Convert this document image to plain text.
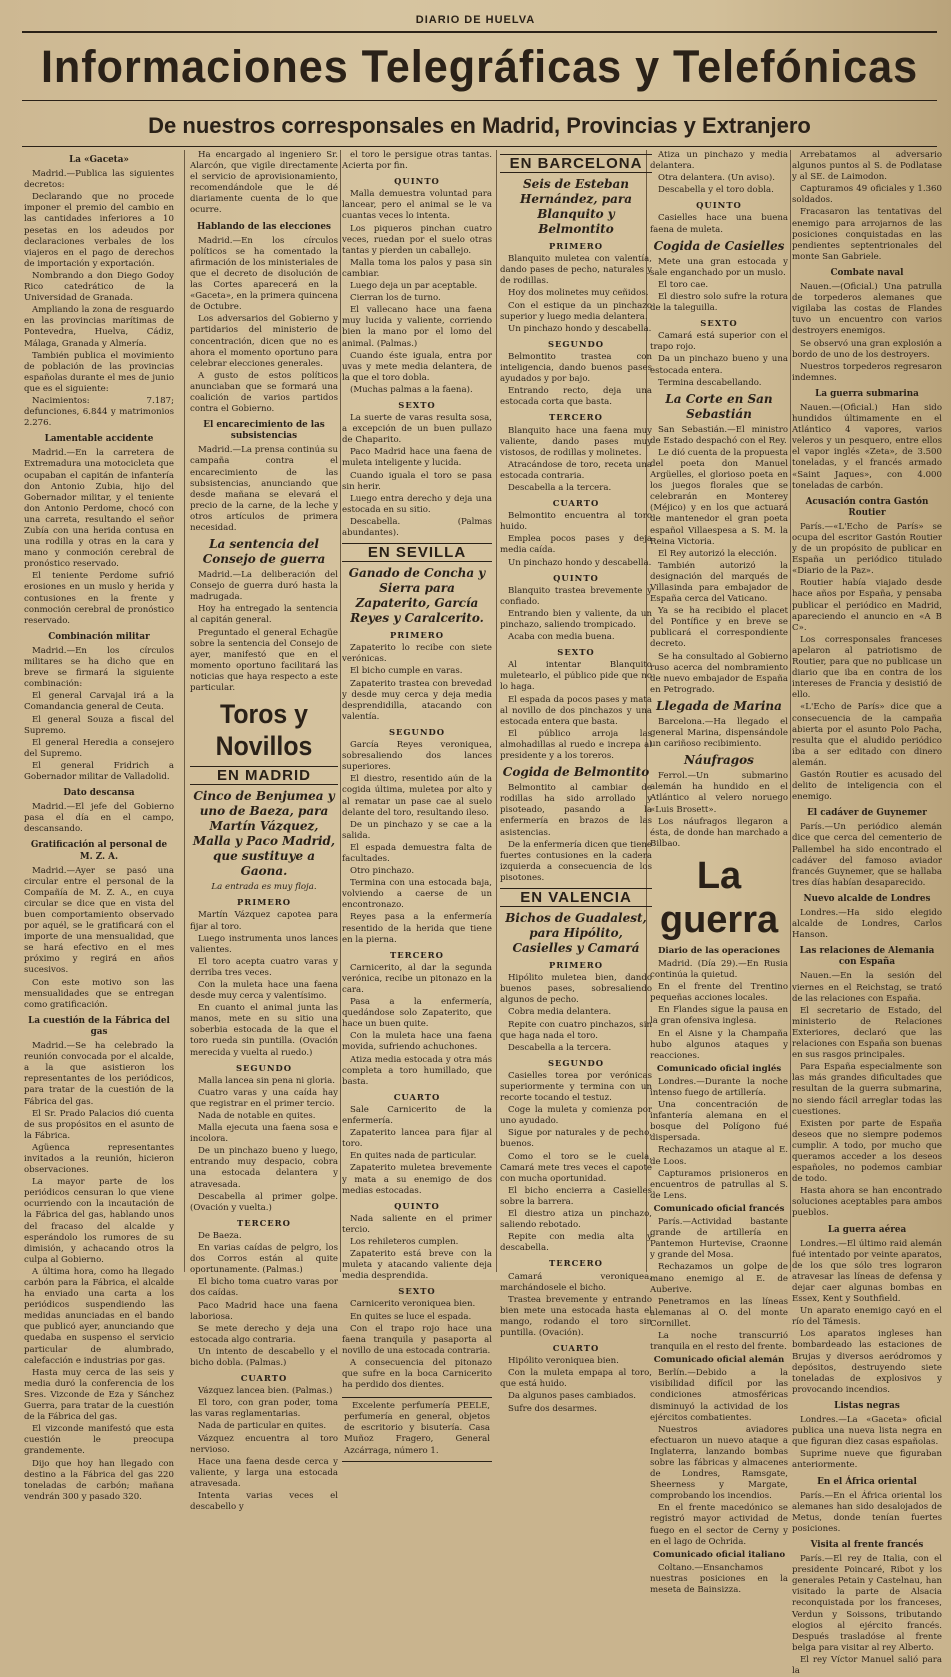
DIARIO DE HUELVA
Informaciones Telegráficas y Telefónicas
De nuestros corresponsales en Madrid, Provincias y Extranjero
La «Gaceta»

Madrid.—Publica las siguientes decretos:

Declarando que no procede imponer el premio del cambio en las cantidades inferiores a 10 pesetas en los adeudos por declaraciones verbales de los viajeros en el pago de derechos de importación y exportación.

Nombrando a don Diego Godoy Rico catedrático de la Universidad de Granada.

Ampliando la zona de resguardo en las provincias marítimas de Pontevedra, Huelva, Cádiz, Málaga, Granada y Almería.

También publica el movimiento de población de las provincias españolas durante el mes de junio que es el siguiente:

Nacimientos: 7.187; defunciones, 6.844 y matrimonios 2.276.

Lamentable accidente

Madrid.—En la carretera de Extremadura una motocicleta que ocupaban el capitán de infantería don Antonio Zubia, hijo del Gobernador militar, y el teniente don Antonio Perdome, chocó con una carreta, resultando el señor Zubía con una herida contusa en una rodilla y otras en la cara y mano y conmoción cerebral de pronóstico reservado.

El teniente Perdome sufrió erosiones en un muslo y herida y contusiones en la frente y conmoción cerebral de pronóstico reservado.

Combinación militar

Madrid.—En los círculos militares se ha dicho que en breve se firmará la siguiente combinación:

El general Carvajal irá a la Comandancia general de Ceuta.

El general Souza a fiscal del Supremo.

El general Heredia a consejero del Supremo.

El general Fridrich a Gobernador militar de Valladolid.

Dato descansa

Madrid.—El jefe del Gobierno pasa el día en el campo, descansando.

Gratificación al personal de M. Z. A.

Madrid.—Ayer se pasó una circular entre el personal de la Compañía de M. Z. A., en cuya circular se dice que en vista del buen comportamiento observado por aquél, se le gratificará con el importe de una mensualidad, que se hará efectivo en el mes próximo y regirá en años sucesivos.

Con este motivo son las mensualidades que se entregan como gratificación.

La cuestión de la Fábrica del gas

Madrid.—Se ha celebrado la reunión convocada por el alcalde, a la que asistieron los representantes de los periódicos, para tratar de la cuestión de la Fábrica del gas.

El Sr. Prado Palacios dió cuenta de sus propósitos en el asunto de la Fábrica.

Agüenca representantes invitados a la reunión, hicieron observaciones.

La mayor parte de los periódicos censuran lo que viene ocurriendo con la incautación de la Fábrica del gas, hablando unos del fracaso del alcalde y esperándolo los rumores de su dimisión, y achacando otros la culpa al Gobierno.

A última hora, como ha llegado carbón para la Fábrica, el alcalde ha enviado una carta a los periódicos suspendiendo las medidas anunciadas en el bando que publicó ayer, anunciando que quedaba en suspenso el servicio particular de alumbrado, calefacción e industrias por gas.

Hasta muy cerca de las seis y media duró la conferencia de los Sres. Vizconde de Eza y Sánchez Guerra, para tratar de la cuestión de la Fábrica del gas.

El vizconde manifestó que esta cuestión le preocupa grandemente.

Dijo que hoy han llegado con destino a la Fábrica del gas 220 toneladas de carbón; mañana vendrán 300 y pasado 320.

Ha encargado al ingeniero Sr. Alarcón, que vigile directamente el servicio de aprovisionamiento, recomendándole que le dé diariamente cuenta de lo que ocurre.

Hablando de las elecciones

Madrid.—En los círculos políticos se ha comentado la afirmación de los ministeriales de que el decreto de disolución de las Cortes aparecerá en la «Gaceta», en la primera quincena de Octubre.

Los adversarios del Gobierno y partidarios del ministerio de concentración, dicen que no es ahora el momento oportuno para celebrar elecciones generales.

A gusto de estos políticos anunciaban que se formará una coalición de varios partidos contra el Gobierno.

El encarecimiento de las subsistencias

Madrid.—La prensa continúa su campaña contra el encarecimiento de las subsistencias, anunciando que desde mañana se elevará el precio de la carne, de la leche y otros artículos de primera necesidad.

La sentencia del Consejo de guerra

Madrid.—La deliberación del Consejo de guerra duró hasta la madrugada.

Hoy ha entregado la sentencia al capitán general.

Preguntado el general Echagüe sobre la sentencia del Consejo de ayer, manifestó que en el momento oportuno facilitará las noticias que haya respecto a este particular.

Toros y Novillos
EN MADRID
Cinco de Benjumea y uno de Baeza, para Martín Vázquez, Malla y Paco Madrid, que sustituye a Gaona.
La entrada es muy floja.
PRIMERO

Martín Vázquez capotea para fijar al toro.

Luego instrumenta unos lances valientes.

El toro acepta cuatro varas y derriba tres veces.

Con la muleta hace una faena desde muy cerca y valentísimo.

En cuanto el animal junta las manos, mete en su sitio una soberbia estocada de la que el toro rueda sin puntilla. (Ovación merecida y vuelta al ruedo.)

SEGUNDO

Malla lancea sin pena ni gloria.

Cuatro varas y una caída hay que registrar en el primer tercio.

Nada de notable en quites.

Malla ejecuta una faena sosa e incolora.

De un pinchazo bueno y luego, entrando muy despacio, cobra una estocada delantera y atravesada.

Descabella al primer golpe. (Ovación y vuelta.)

TERCERO

De Baeza.

En varias caídas de pelgro, los dos Corros están al quite oportunamente. (Palmas.)

El bicho toma cuatro varas por dos caídas.

Paco Madrid hace una faena laboriosa.

Se mete derecho y deja una estocada algo contraria.

Un intento de descabello y el bicho dobla. (Palmas.)

CUARTO

Vázquez lancea bien. (Palmas.)

El toro, con gran poder, toma las varas reglamentarias.

Nada de particular en quites.

Vázquez encuentra al toro nervioso.

Hace una faena desde cerca y valiente, y larga una estocada atravesada.

Intenta varias veces el descabello y

el toro le persigue otras tantas. Acierta por fin.

QUINTO

Malla demuestra voluntad para lancear, pero el animal se le va cuantas veces lo intenta.

Los piqueros pinchan cuatro veces, ruedan por el suelo otras tantas y pierden un caballejo.

Malla toma los palos y pasa sin cambiar.

Luego deja un par aceptable.

Cierran los de turno.

El vallecano hace una faena muy lucida y valiente, corriendo bien la mano por el lomo del animal. (Palmas.)

Cuando éste iguala, entra por uvas y mete media delantera, de la que el toro dobla.

(Muchas palmas a la faena).

SEXTO

La suerte de varas resulta sosa, a excepción de un buen pullazo de Chaparito.

Paco Madrid hace una faena de muleta inteligente y lucida.

Cuando iguala el toro se pasa sin herir.

Luego entra derecho y deja una estocada en su sitio.

Descabella. (Palmas abundantes).

EN SEVILLA
Ganado de Concha y Sierra para Zapaterito, García Reyes y Caralcerito.
PRIMERO

Zapaterito lo recibe con siete verónicas.

El bicho cumple en varas.

Zapaterito trastea con brevedad y desde muy cerca y deja media desprendidilla, atacando con valentía.

SEGUNDO

García Reyes veroniquea, sobresaliendo dos lances superiores.

El diestro, resentido aún de la cogida última, muletea por alto y al rematar un pase cae al suelo delante del toro, resultando ileso.

De un pinchazo y se cae a la salida.

El espada demuestra falta de facultades.

Otro pinchazo.

Termina con una estocada baja, volviendo a caerse de un encontronazo.

Reyes pasa a la enfermería resentido de la herida que tiene en la pierna.

TERCERO

Carnicerito, al dar la segunda verónica, recibe un pitonazo en la cara.

Pasa a la enfermería, quedándose solo Zapaterito, que hace un buen quite.

Con la muleta hace una faena movida, sufriendo achuchones.

Atiza media estocada y otra más completa a toro humillado, que basta.

CUARTO

Sale Carnicerito de la enfermería.

Zapaterito lancea para fijar al toro.

En quites nada de particular.

Zapaterito muletea brevemente y mata a su enemigo de dos medias estocadas.

QUINTO

Nada saliente en el primer tercio.

Los rehileteros cumplen.

Zapaterito está breve con la muleta y atacando valiente deja media desprendida.

SEXTO

Carnicerito veroniquea bien.

En quites se luce el espada.

Con el trapo rojo hace una faena tranquila y pasaporta al novillo de una estocada contraria.

A consecuencia del pitonazo que sufre en la boca Carnicerito ha perdido dos dientes.

Excelente perfumería PEELE, perfumería en general, objetos de escritorio y bisutería. Casa Muñoz Fragero, General Azcárraga, número 1.

EN BARCELONA
Seis de Esteban Hernández, para Blanquito y Belmontito
PRIMERO

Blanquito muletea con valentía, dando pases de pecho, naturales y de rodillas.

Hoy dos molinetes muy ceñidos.

Con el estique da un pinchazo superior y luego media delantera.

Un pinchazo hondo y descabella.

SEGUNDO

Belmontito trastea con inteligencia, dando buenos pases ayudados y por bajo.

Entrando recto, deja una estocada corta que basta.

TERCERO

Blanquito hace una faena muy valiente, dando pases muy vistosos, de rodillas y molinetes.

Atracándose de toro, receta una estocada contraria.

Descabella a la tercera.

CUARTO

Belmontito encuentra al toro huido.

Emplea pocos pases y deja media caída.

Un pinchazo hondo y descabella.

QUINTO

Blanquito trastea brevemente y confiado.

Entrando bien y valiente, da un pinchazo, saliendo trompicado.

Acaba con media buena.

SEXTO

Al intentar Blanquito muletearlo, el público pide que no lo haga.

El espada da pocos pases y mata al novillo de dos pinchazos y una estocada entera que basta.

El público arroja las almohadillas al ruedo e increpa al presidente y a los toreros.

Cogida de Belmontito

Belmontito al cambiar de rodillas ha sido arrollado y pisoteado, pasando a la enfermería en brazos de las asistencias.

De la enfermería dicen que tiene fuertes contusiones en la cadera izquierda a consecuencia de los pisotones.

EN VALENCIA
Bichos de Guadalest, para Hipólito, Casielles y Camará
PRIMERO

Hipólito muletea bien, dando buenos pases, sobresaliendo algunos de pecho.

Cobra media delantera.

Repite con cuatro pinchazos, sin que haga nada el toro.

Descabella a la tercera.

SEGUNDO

Casielles torea por verónicas superiormente y termina con un recorte tocando el testuz.

Coge la muleta y comienza por uno ayudado.

Sigue por naturales y de pecho, buenos.

Como el toro se le cuela, Camará mete tres veces el capote con mucha oportunidad.

El bicho encierra a Casielles sobre la barrera.

El diestro atiza un pinchazo, saliendo rebotado.

Repite con media alta y descabella.

TERCERO

Camará veroniquea, marchándosele el bicho.

Trastea brevemente y entrando bien mete una estocada hasta el mango, rodando el toro sin puntilla. (Ovación).

CUARTO

Hipólito veroniquea bien.

Con la muleta empapa al toro, que está huido.

Da algunos pases cambiados.

Sufre dos desarmes.

Atiza un pinchazo y media delantera.

Otra delantera. (Un aviso).

Descabella y el toro dobla.

QUINTO

Casielles hace una buena faena de muleta.

Cogida de Casielles

Mete una gran estocada y sale enganchado por un muslo.

El toro cae.

El diestro solo sufre la rotura de la taleguilla.

SEXTO

Camará está superior con el trapo rojo.

Da un pinchazo bueno y una estocada entera.

Termina descabellando.

La Corte en San Sebastián

San Sebastián.—El ministro de Estado despachó con el Rey.

Le dió cuenta de la propuesta del poeta don Manuel Argüelles, el glorioso poeta en los juegos florales que se celebrarán en Monterey (Méjico) y en los que actuará de mantenedor el gran poeta español Villaespesa a S. M. la Reina Victoria.

El Rey autorizó la elección.

También autorizó la designación del marqués de Villasinda para embajador de España cerca del Vaticano.

Ya se ha recibido el placet del Pontífice y en breve se publicará el correspondiente decreto.

Se ha consultado al Gobierno ruso acerca del nombramiento de nuevo embajador de España en Petrogrado.

Llegada de Marina

Barcelona.—Ha llegado el general Marina, dispensándole un cariñoso recibimiento.

Náufragos

Ferrol.—Un submarino alemán ha hundido en el Atlántico al velero noruego «Luis Brosett».

Los náufragos llegaron a ésta, de donde han marchado a Bilbao.

La guerra
Diario de las operaciones

Madrid. (Día 29).—En Rusia continúa la quietud.

En el frente del Trentino pequeñas acciones locales.

En Flandes sigue la pausa en la gran ofensiva inglesa.

En el Aisne y la Champaña hubo algunos ataques y reacciones.

Comunicado oficial inglés

Londres.—Durante la noche intenso fuego de artillería.

Una concentración de infantería alemana en el bosque del Polígono fué dispersada.

Rechazamos un ataque al E. de Loos.

Capturamos prisioneros en encuentros de patrullas al S. de Lens.

Comunicado oficial francés

París.—Actividad bastante grande de artillería en Pantemon Hurtevise, Craonne y grande del Mosa.

Rechazamos un golpe de mano enemigo al E. de Auberive.

Penetramos en las líneas alemanas al O. del monte Cornillet.

La noche transcurrió tranquila en el resto del frente.

Comunicado oficial alemán

Berlín.—Debido a la visibilidad difícil por las condiciones atmosféricas disminuyó la actividad de los ejércitos combatientes.

Nuestros aviadores efectuaron un nuevo ataque a Inglaterra, lanzando bombas sobre las fábricas y almacenes de Londres, Ramsgate, Sheerness y Margate, comprobando los incendios.

En el frente macedónico se registró mayor actividad de fuego en el sector de Cerny y en el lago de Ochrida.

Comunicado oficial italiano

Coltano.—Ensanchamos nuestras posiciones en la meseta de Bainsizza.

Arrebatamos al adversario algunos puntos al S. de Podlatase y al SE. de Laimodon.

Capturamos 49 oficiales y 1.360 soldados.

Fracasaron las tentativas del enemigo para arrojarnos de las posiciones conquistadas en las pendientes septentrionales del monte San Gabriele.

Combate naval

Nauen.—(Oficial.) Una patrulla de torpederos alemanes que vigilaba las costas de Flandes tuvo un encuentro con varios destroyers enemigos.

Se observó una gran explosión a bordo de uno de los destroyers.

Nuestros torpederos regresaron indemnes.

La guerra submarina

Nauen.—(Oficial.) Han sido hundidos últimamente en el Atlántico 4 vapores, varios veleros y un pesquero, entre ellos el vapor inglés «Zeta», de 3.500 toneladas, y el francés armado «Saint Jaques», con 4.000 toneladas de carbón.

Acusación contra Gastón Routier

París.—«L'Echo de París» se ocupa del escritor Gastón Routier y de un propósito de publicar en España un periódico titulado «Diario de la Paz».

Routier había viajado desde hace años por España, y pensaba publicar el periódico en Madrid, apareciendo el anuncio en «A B C».

Los corresponsales franceses apelaron al patriotismo de Routier, para que no publicase un diario que iba en contra de los intereses de Francia y desistió de ello.

«L'Echo de París» dice que a consecuencia de la campaña abierta por el asunto Polo Pacha, resulta que el aludido periódico iba a ser editado con dinero alemán.

Gastón Routier es acusado del delito de inteligencia con el enemigo.

El cadáver de Guynemer

París.—Un periódico alemán dice que cerca del cementerio de Pallembel ha sido encontrado el cadáver del famoso aviador francés Guynemer, que se hallaba tres días habían desaparecido.

Nuevo alcalde de Londres

Londres.—Ha sido elegido alcalde de Londres, Carlos Hanson.

Las relaciones de Alemania con España

Nauen.—En la sesión del viernes en el Reichstag, se trató de las relaciones con España.

El secretario de Estado, del ministerio de Relaciones Exteriores, declaró que las relaciones con España son buenas en sus rasgos principales.

Para España especialmente son las más grandes dificultades que resultan de la guerra submarina, no siendo fácil arreglar todas las cuestiones.

Existen por parte de España deseos que no siempre podemos cumplir. A todo, por mucho que queramos acceder a los deseos españoles, no podemos cambiar de todo.

Hasta ahora se han encontrado soluciones aceptables para ambos pueblos.

La guerra aérea

Londres.—El último raid alemán fué intentado por veinte aparatos, de los que sólo tres lograron atravesar las líneas de defensa y dejar caer algunas bombas en Essex, Kent y Southfield.

Un aparato enemigo cayó en el río del Támesis.

Los aparatos ingleses han bombardeado las estaciones de Brujas y diversos aeródromos y depósitos, destruyendo siete toneladas de explosivos y provocando incendios.

Listas negras

Londres.—La «Gaceta» oficial publica una nueva lista negra en que figuran diez casas españolas.

Suprime nueve que figuraban anteriormente.

En el África oriental

París.—En el África oriental los alemanes han sido desalojados de Metus, donde tenían fuertes posiciones.

Visita al frente francés

París.—El rey de Italia, con el presidente Poincaré, Ribot y los generales Petain y Castelnau, han visitado la parte de Alsacia reconquistada por los franceses, Verdun y Soissons, tributando elogios al ejército francés. Después trasladóse al frente belga para visitar al rey Alberto.

El rey Víctor Manuel salió para la
